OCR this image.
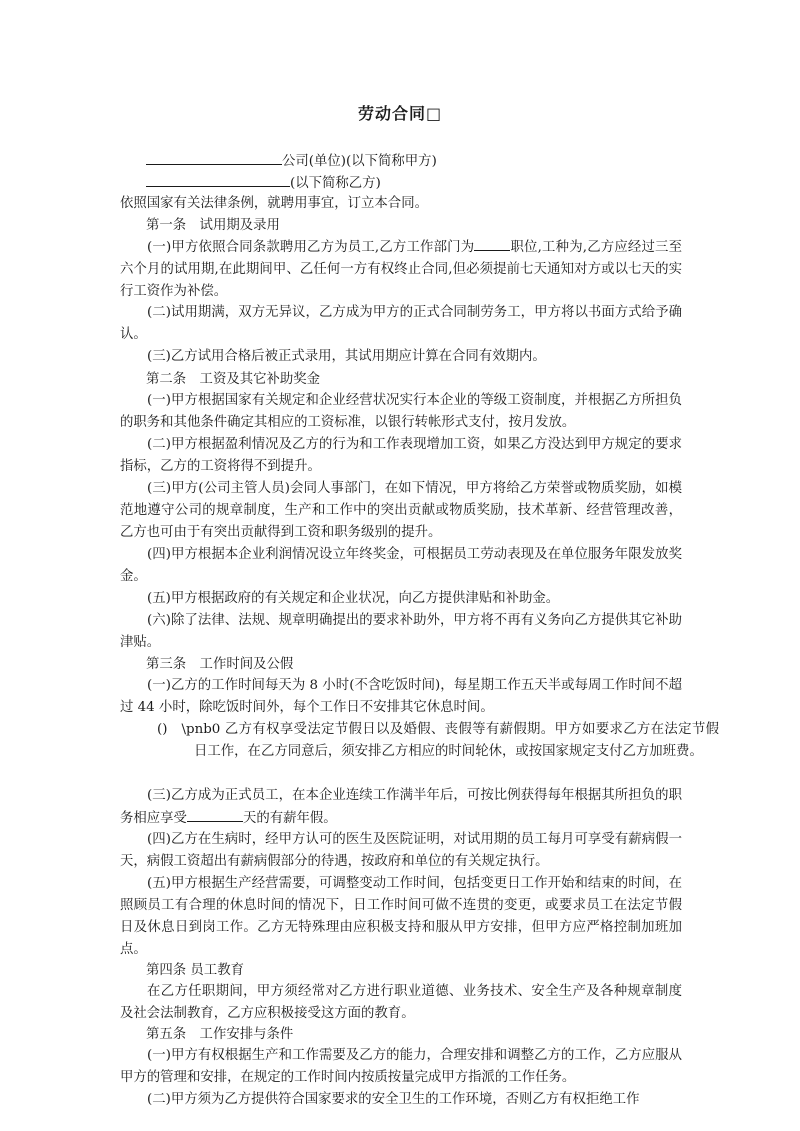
劳动合同□
公司(单位)(以下简称甲方)
(以下简称乙方)
依照国家有关法律条例，就聘用事宜，订立本合同。
第一条　试用期及录用
(一)甲方依照合同条款聘用乙方为员工,乙方工作部门为	职位,工种为,乙方应经过三至六个月的试用期,在此期间甲、乙任何一方有权终止合同,但必须提前七天通知对方或以七天的实行工资作为补偿。
(二)试用期满，双方无异议，乙方成为甲方的正式合同制劳务工，甲方将以书面方式给予确认。
(三)乙方试用合格后被正式录用，其试用期应计算在合同有效期内。
第二条　工资及其它补助奖金
(一)甲方根据国家有关规定和企业经营状况实行本企业的等级工资制度，并根据乙方所担负的职务和其他条件确定其相应的工资标准，以银行转帐形式支付，按月发放。
(二)甲方根据盈利情况及乙方的行为和工作表现增加工资，如果乙方没达到甲方规定的要求指标，乙方的工资将得不到提升。
(三)甲方(公司主管人员)会同人事部门，在如下情况，甲方将给乙方荣誉或物质奖励，如模范地遵守公司的规章制度，生产和工作中的突出贡献或物质奖励，技术革新、经营管理改善，乙方也可由于有突出贡献得到工资和职务级别的提升。
(四)甲方根据本企业利润情况设立年终奖金，可根据员工劳动表现及在单位服务年限发放奖金。
(五)甲方根据政府的有关规定和企业状况，向乙方提供津贴和补助金。
(六)除了法律、法规、规章明确提出的要求补助外，甲方将不再有义务向乙方提供其它补助津贴。
第三条　工作时间及公假
(一)乙方的工作时间每天为 8 小时(不含吃饭时间)，每星期工作五天半或每周工作时间不超过 44 小时，除吃饭时间外，每个工作日不安排其它休息时间。
()　\pnb0 乙方有权享受法定节假日以及婚假、丧假等有薪假期。甲方如要求乙方在法定节假日工作，在乙方同意后，须安排乙方相应的时间轮休，或按国家规定支付乙方加班费。
(三)乙方成为正式员工，在本企业连续工作满半年后，可按比例获得每年根据其所担负的职务相应享受	天的有薪年假。
(四)乙方在生病时，经甲方认可的医生及医院证明，对试用期的员工每月可享受有薪病假一天，病假工资超出有薪病假部分的待遇，按政府和单位的有关规定执行。
(五)甲方根据生产经营需要，可调整变动工作时间，包括变更日工作开始和结束的时间，在照顾员工有合理的休息时间的情况下，日工作时间可做不连贯的变更，或要求员工在法定节假日及休息日到岗工作。乙方无特殊理由应积极支持和服从甲方安排，但甲方应严格控制加班加点。
第四条 员工教育
在乙方任职期间，甲方须经常对乙方进行职业道德、业务技术、安全生产及各种规章制度及社会法制教育，乙方应积极接受这方面的教育。
第五条　工作安排与条件
(一)甲方有权根据生产和工作需要及乙方的能力，合理安排和调整乙方的工作，乙方应服从甲方的管理和安排，在规定的工作时间内按质按量完成甲方指派的工作任务。
(二)甲方须为乙方提供符合国家要求的安全卫生的工作环境，否则乙方有权拒绝工作
